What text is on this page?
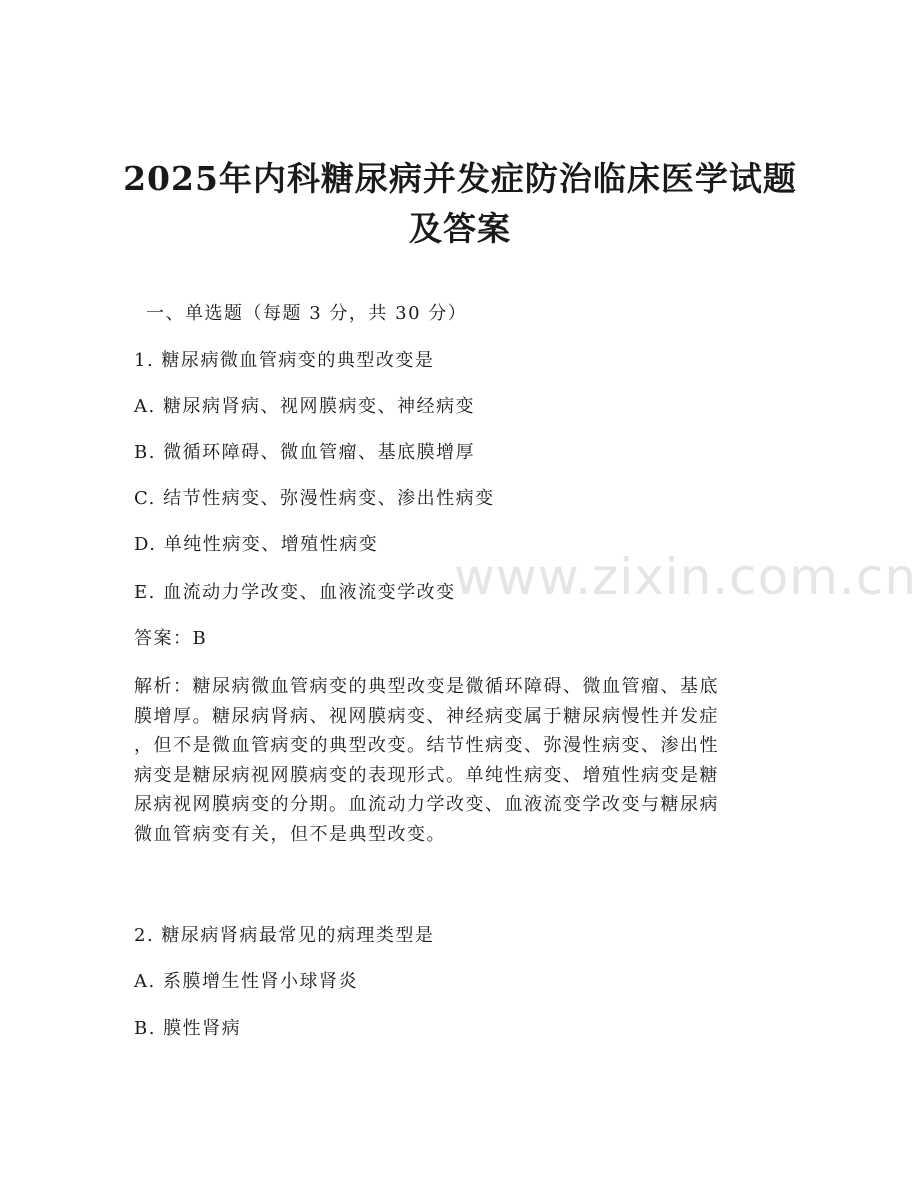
2025年内科糖尿病并发症防治临床医学试题
及答案
一、单选题（每题 3 分，共 30 分）
1. 糖尿病微血管病变的典型改变是
A. 糖尿病肾病、视网膜病变、神经病变
B. 微循环障碍、微血管瘤、基底膜增厚
C. 结节性病变、弥漫性病变、渗出性病变
D. 单纯性病变、增殖性病变
E. 血流动力学改变、血液流变学改变
答案：B
解析：糖尿病微血管病变的典型改变是微循环障碍、微血管瘤、基底
膜增厚。糖尿病肾病、视网膜病变、神经病变属于糖尿病慢性并发症
，但不是微血管病变的典型改变。结节性病变、弥漫性病变、渗出性
病变是糖尿病视网膜病变的表现形式。单纯性病变、增殖性病变是糖
尿病视网膜病变的分期。血流动力学改变、血液流变学改变与糖尿病
微血管病变有关，但不是典型改变。
2. 糖尿病肾病最常见的病理类型是
A. 系膜增生性肾小球肾炎
B. 膜性肾病
www.zixin.com.cn
